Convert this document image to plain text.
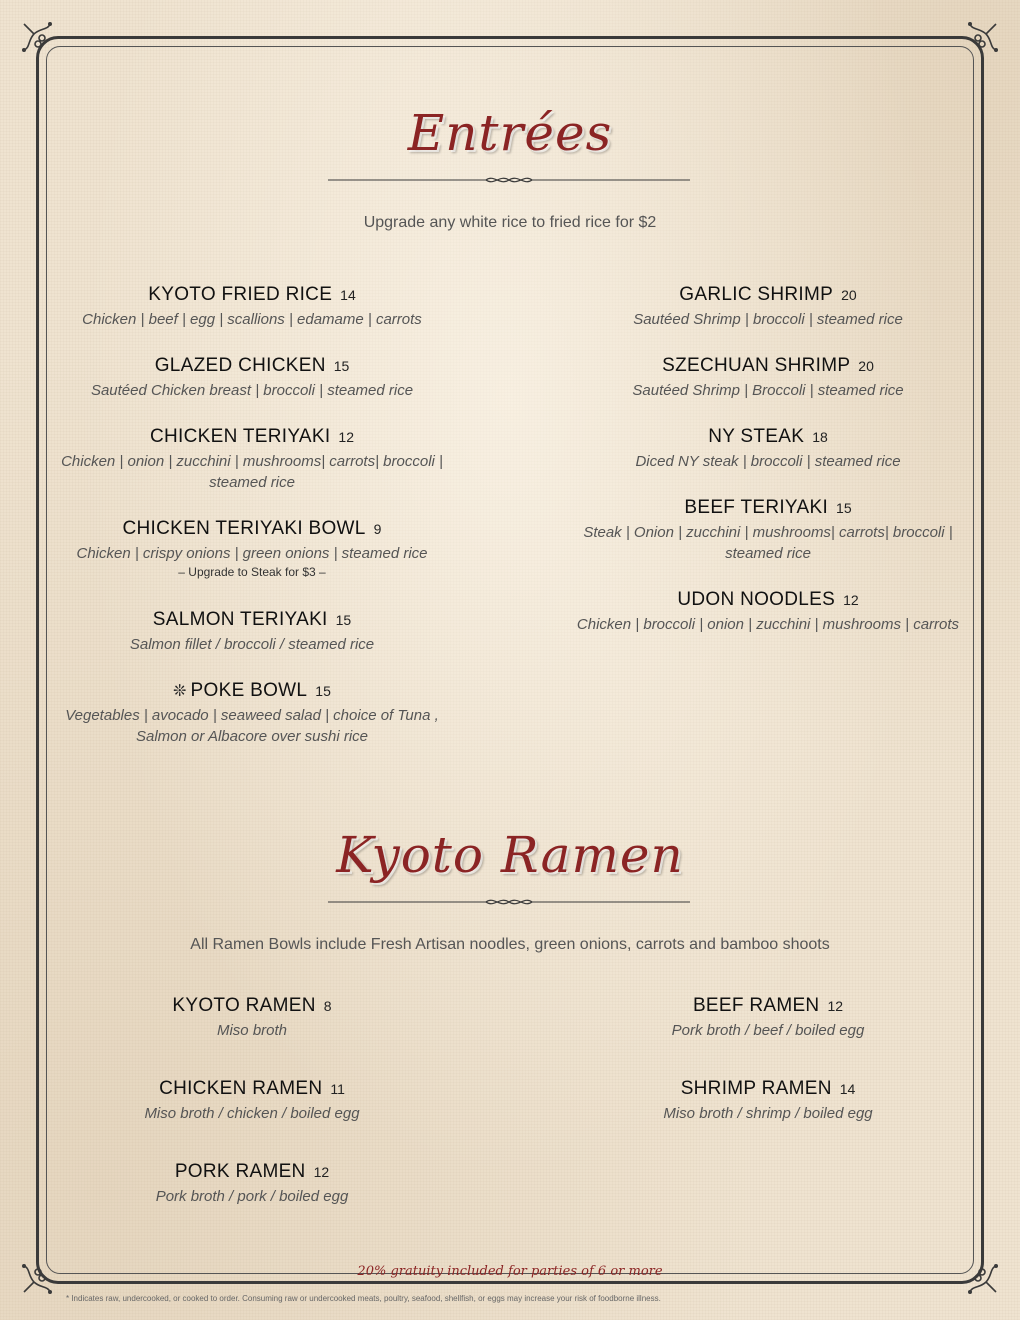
Entrées
Upgrade any white rice to fried rice for $2
KYOTO FRIED RICE 14
Chicken | beef | egg | scallions | edamame | carrots
GLAZED CHICKEN 15
Sautéed Chicken breast | broccoli | steamed rice
CHICKEN TERIYAKI 12
Chicken | onion | zucchini | mushrooms| carrots| broccoli | steamed rice
CHICKEN TERIYAKI BOWL 9
Chicken | crispy onions | green onions | steamed rice
– Upgrade to Steak for $3 –
SALMON TERIYAKI 15
Salmon fillet / broccoli / steamed rice
❊ POKE BOWL 15
Vegetables | avocado | seaweed salad | choice of Tuna , Salmon or Albacore over sushi rice
GARLIC SHRIMP 20
Sautéed Shrimp | broccoli | steamed rice
SZECHUAN SHRIMP 20
Sautéed Shrimp | Broccoli | steamed rice
NY STEAK 18
Diced NY steak | broccoli | steamed rice
BEEF TERIYAKI 15
Steak | Onion | zucchini | mushrooms| carrots| broccoli | steamed rice
UDON NOODLES 12
Chicken | broccoli | onion | zucchini | mushrooms | carrots
Kyoto Ramen
All Ramen Bowls include Fresh Artisan noodles, green onions, carrots and bamboo shoots
KYOTO RAMEN 8
Miso broth
CHICKEN RAMEN 11
Miso broth / chicken / boiled egg
PORK RAMEN 12
Pork broth / pork / boiled egg
BEEF RAMEN 12
Pork broth / beef / boiled egg
SHRIMP RAMEN 14
Miso broth / shrimp / boiled egg
20% gratuity included for parties of 6 or more
* Indicates raw, undercooked, or cooked to order. Consuming raw or undercooked meats, poultry, seafood, shellfish, or eggs may increase your risk of foodborne illness.
